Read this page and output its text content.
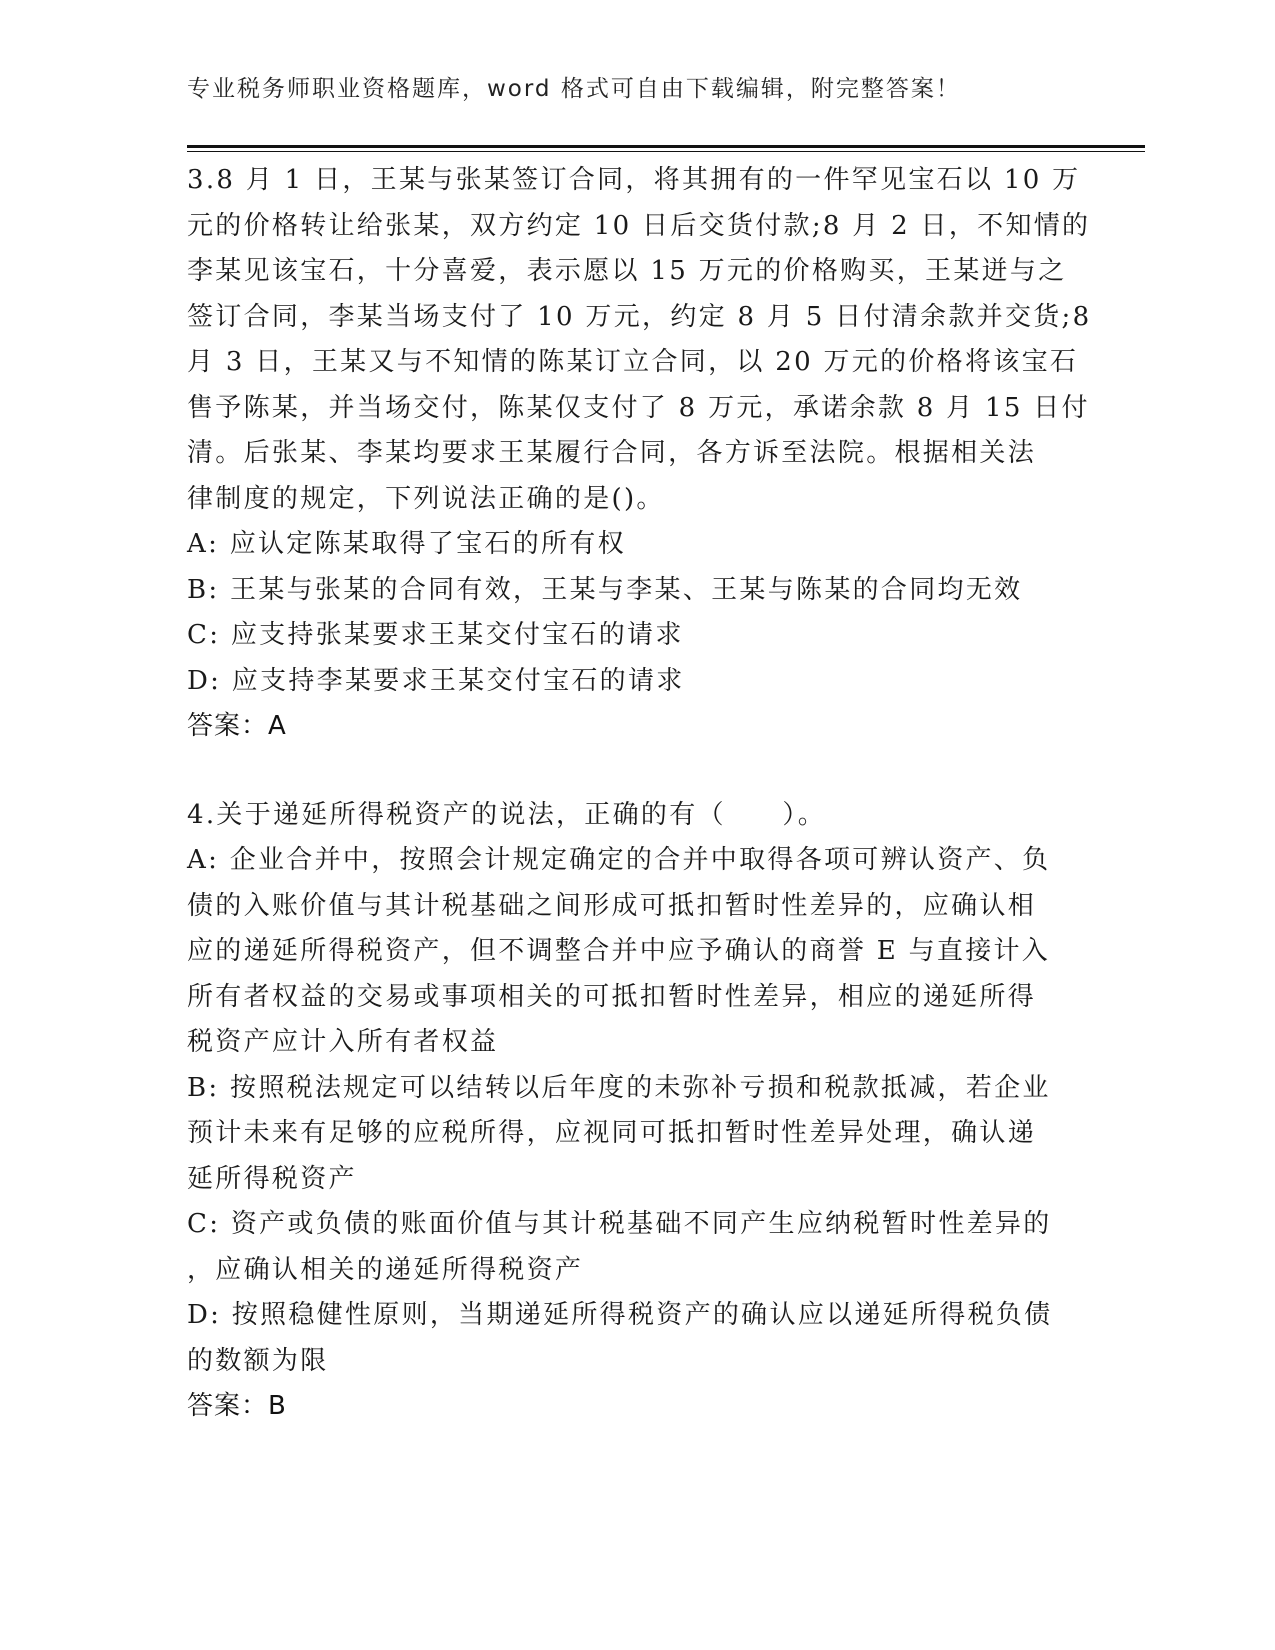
专业税务师职业资格题库，word 格式可自由下载编辑，附完整答案！
3.8 月 1 日，王某与张某签订合同，将其拥有的一件罕见宝石以 10 万
元的价格转让给张某，双方约定 10 日后交货付款;8 月 2 日，不知情的
李某见该宝石，十分喜爱，表示愿以 15 万元的价格购买，王某迸与之
签订合同，李某当场支付了 10 万元，约定 8 月 5 日付清余款并交货;8
月 3 日，王某又与不知情的陈某订立合同，以 20 万元的价格将该宝石
售予陈某，并当场交付，陈某仅支付了 8 万元，承诺余款 8 月 15 日付
清。后张某、李某均要求王某履行合同，各方诉至法院。根据相关法
律制度的规定，下列说法正确的是()。
A: 应认定陈某取得了宝石的所有权
B: 王某与张某的合同有效，王某与李某、王某与陈某的合同均无效
C: 应支持张某要求王某交付宝石的请求
D: 应支持李某要求王某交付宝石的请求
答案：A
4.关于递延所得税资产的说法，正确的有（　　）。
A: 企业合并中，按照会计规定确定的合并中取得各项可辨认资产、负
债的入账价值与其计税基础之间形成可抵扣暂时性差异的，应确认相
应的递延所得税资产，但不调整合并中应予确认的商誉 E 与直接计入
所有者权益的交易或事项相关的可抵扣暂时性差异，相应的递延所得
税资产应计入所有者权益
B: 按照税法规定可以结转以后年度的未弥补亏损和税款抵减，若企业
预计未来有足够的应税所得，应视同可抵扣暂时性差异处理，确认递
延所得税资产
C: 资产或负债的账面价值与其计税基础不同产生应纳税暂时性差异的
，应确认相关的递延所得税资产
D: 按照稳健性原则，当期递延所得税资产的确认应以递延所得税负债
的数额为限
答案：B
